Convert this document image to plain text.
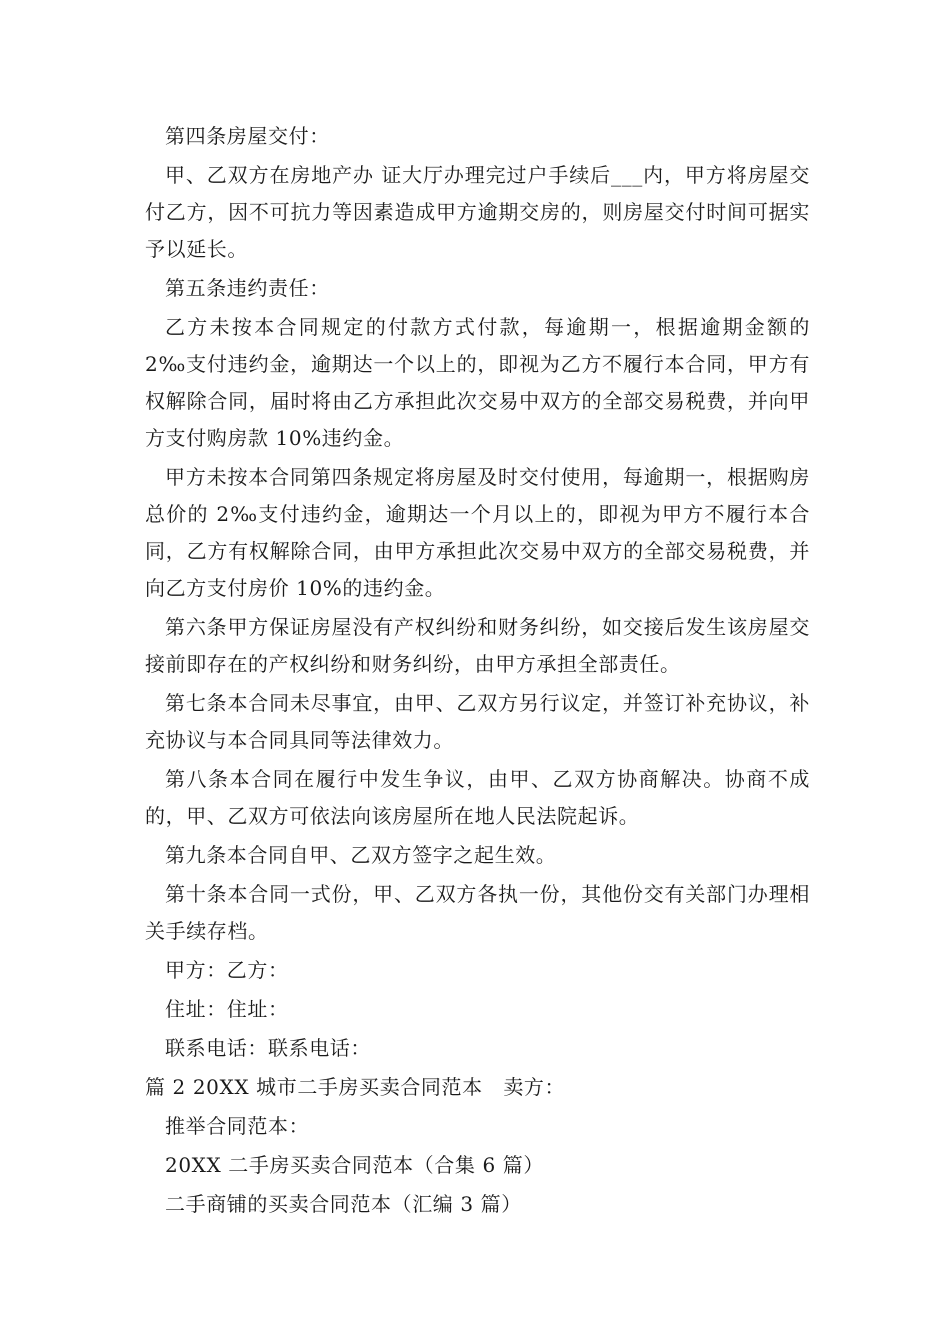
第四条房屋交付：

甲、乙双方在房地产办 证大厅办理完过户手续后___内，甲方将房屋交付乙方，因不可抗力等因素造成甲方逾期交房的，则房屋交付时间可据实予以延长。

第五条违约责任：

乙方未按本合同规定的付款方式付款，每逾期一，根据逾期金额的 2‰支付违约金，逾期达一个以上的，即视为乙方不履行本合同，甲方有权解除合同，届时将由乙方承担此次交易中双方的全部交易税费，并向甲方支付购房款 10%违约金。

甲方未按本合同第四条规定将房屋及时交付使用，每逾期一，根据购房总价的 2‰支付违约金，逾期达一个月以上的，即视为甲方不履行本合同，乙方有权解除合同，由甲方承担此次交易中双方的全部交易税费，并向乙方支付房价 10%的违约金。

第六条甲方保证房屋没有产权纠纷和财务纠纷，如交接后发生该房屋交接前即存在的产权纠纷和财务纠纷，由甲方承担全部责任。

第七条本合同未尽事宜，由甲、乙双方另行议定，并签订补充协议，补充协议与本合同具同等法律效力。

第八条本合同在履行中发生争议，由甲、乙双方协商解决。协商不成的，甲、乙双方可依法向该房屋所在地人民法院起诉。

第九条本合同自甲、乙双方签字之起生效。

第十条本合同一式份，甲、乙双方各执一份，其他份交有关部门办理相关手续存档。

甲方：乙方：

住址：住址：

联系电话：联系电话：

篇 2 20XX 城市二手房买卖合同范本　卖方：

推举合同范本：

20XX 二手房买卖合同范本（合集 6 篇）

二手商铺的买卖合同范本（汇编 3 篇）
